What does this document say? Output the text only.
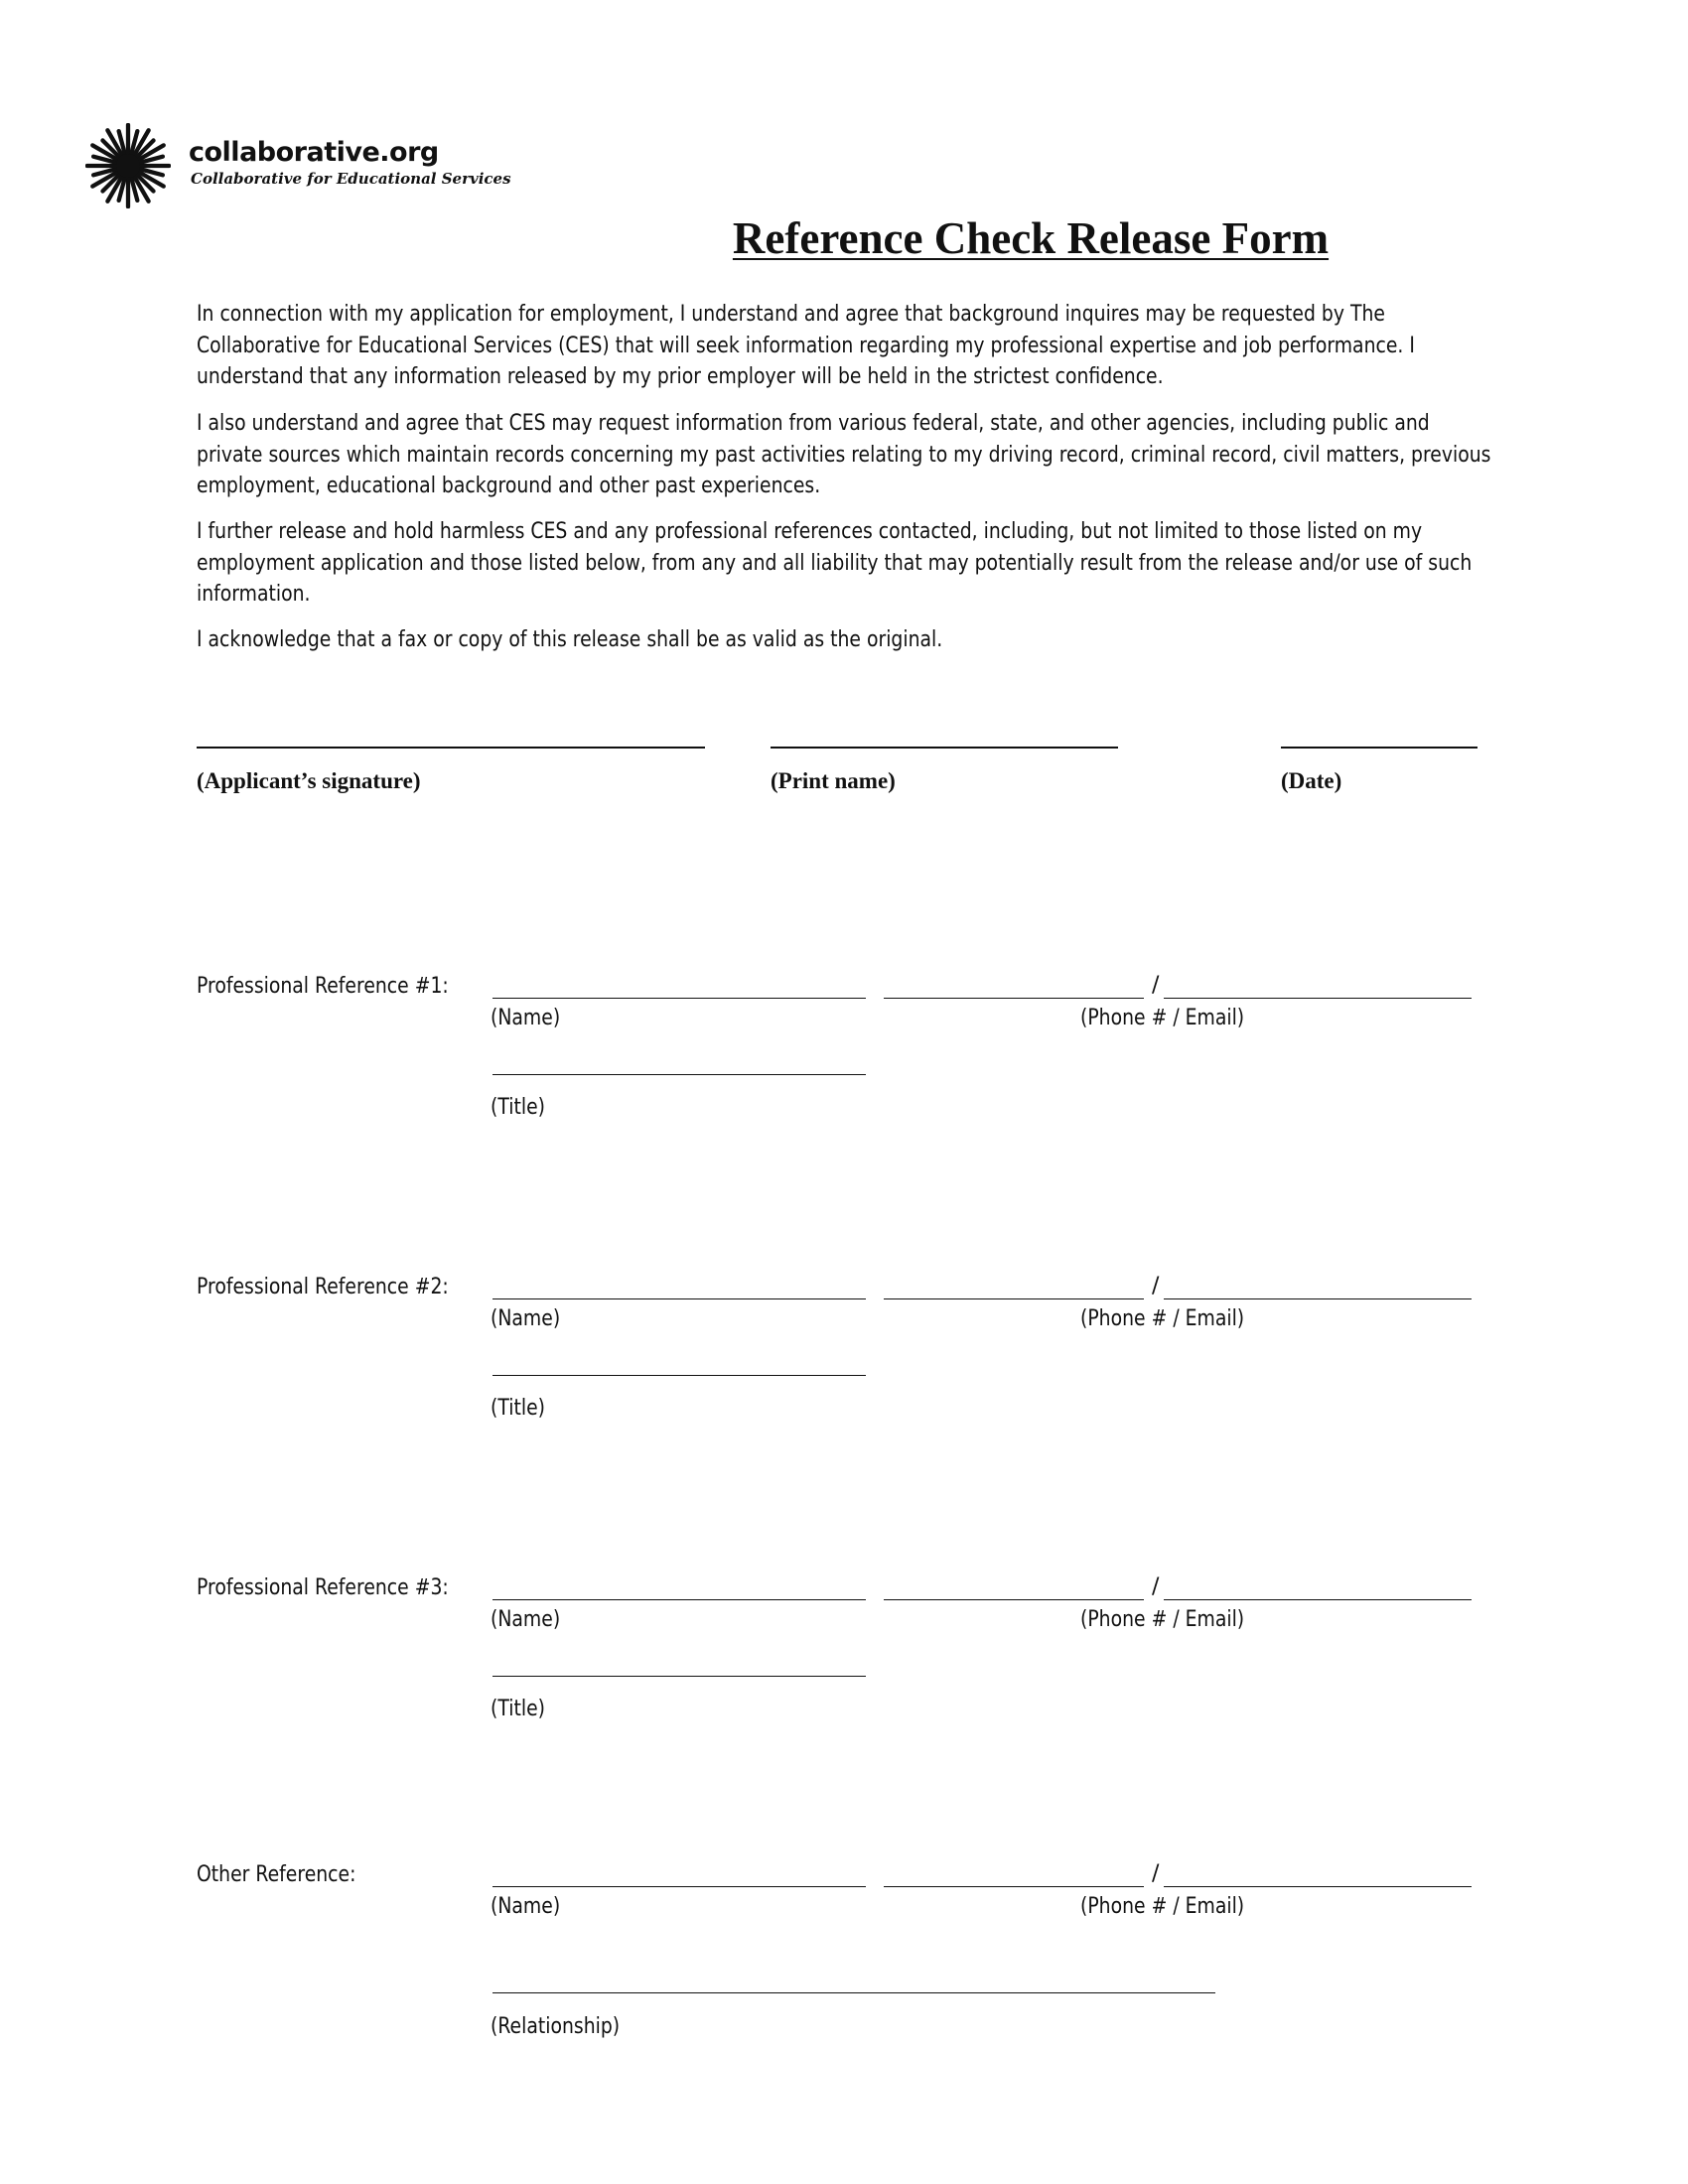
collaborative.org
Collaborative for Educational Services
Reference Check Release Form
In connection with my application for employment, I understand and agree that background inquires may be requested by The Collaborative for Educational Services (CES) that will seek information regarding my professional expertise and job performance. I understand that any information released by my prior employer will be held in the strictest confidence.
I also understand and agree that CES may request information from various federal, state, and other agencies, including public and private sources which maintain records concerning my past activities relating to my driving record, criminal record, civil matters, previous employment, educational background and other past experiences.
I further release and hold harmless CES and any professional references contacted, including, but not limited to those listed on my employment application and those listed below, from any and all liability that may potentially result from the release and/or use of such information.
I acknowledge that a fax or copy of this release shall be as valid as the original.
(Applicant’s signature)	(Print name)	(Date)
Professional Reference #1:	/
(Name)	(Phone # / Email)
(Title)
Professional Reference #2:	/
(Name)	(Phone # / Email)
(Title)
Professional Reference #3:	/
(Name)	(Phone # / Email)
(Title)
Other Reference:	/
(Name)	(Phone # / Email)
(Relationship)
